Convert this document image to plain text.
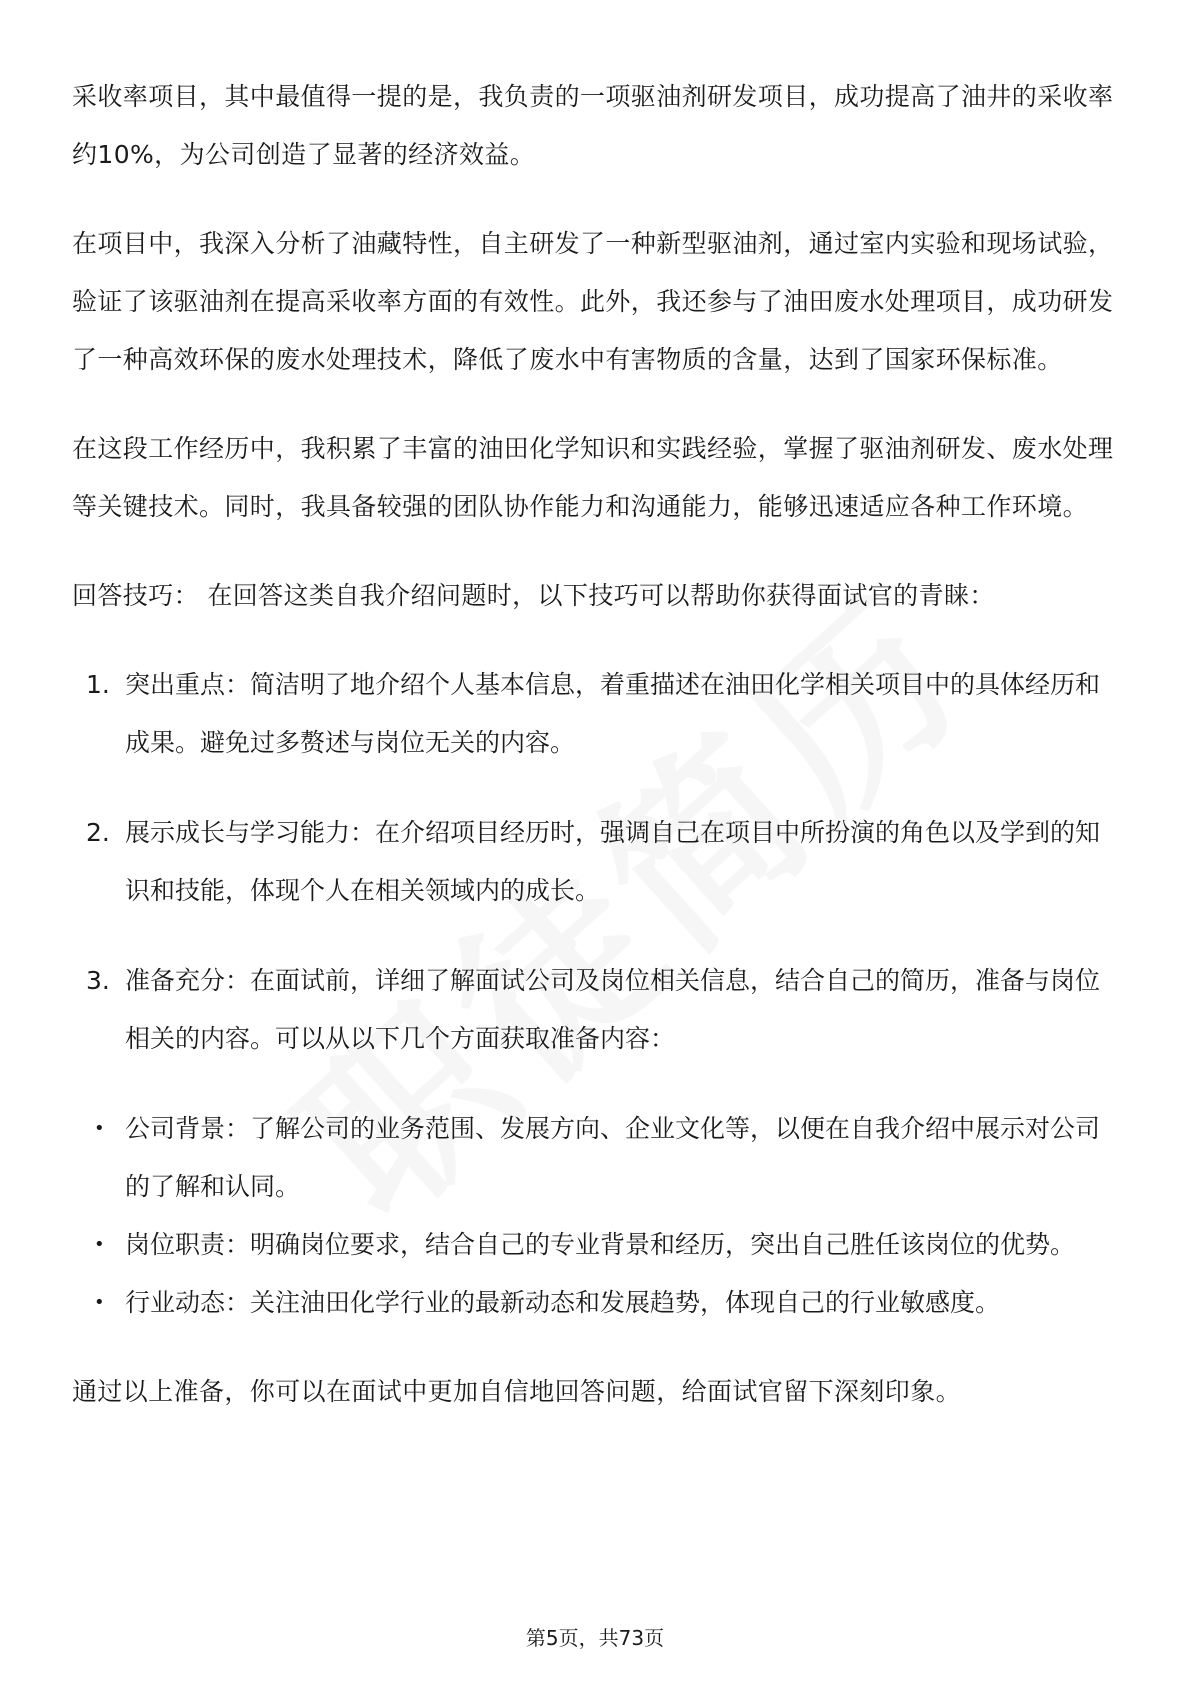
采收率项目，其中最值得一提的是，我负责的一项驱油剂研发项目，成功提高了油井的采收率约10%，为公司创造了显著的经济效益。

在项目中，我深入分析了油藏特性，自主研发了一种新型驱油剂，通过室内实验和现场试验，验证了该驱油剂在提高采收率方面的有效性。此外，我还参与了油田废水处理项目，成功研发了一种高效环保的废水处理技术，降低了废水中有害物质的含量，达到了国家环保标准。

在这段工作经历中，我积累了丰富的油田化学知识和实践经验，掌握了驱油剂研发、废水处理等关键技术。同时，我具备较强的团队协作能力和沟通能力，能够迅速适应各种工作环境。

回答技巧： 在回答这类自我介绍问题时，以下技巧可以帮助你获得面试官的青睐：

1. 突出重点：简洁明了地介绍个人基本信息，着重描述在油田化学相关项目中的具体经历和成果。避免过多赘述与岗位无关的内容。
2. 展示成长与学习能力：在介绍项目经历时，强调自己在项目中所扮演的角色以及学到的知识和技能，体现个人在相关领域内的成长。
3. 准备充分：在面试前，详细了解面试公司及岗位相关信息，结合自己的简历，准备与岗位相关的内容。可以从以下几个方面获取准备内容：
• 公司背景：了解公司的业务范围、发展方向、企业文化等，以便在自我介绍中展示对公司的了解和认同。
• 岗位职责：明确岗位要求，结合自己的专业背景和经历，突出自己胜任该岗位的优势。
• 行业动态：关注油田化学行业的最新动态和发展趋势，体现自己的行业敏感度。

通过以上准备，你可以在面试中更加自信地回答问题，给面试官留下深刻印象。

第5页，共73页
